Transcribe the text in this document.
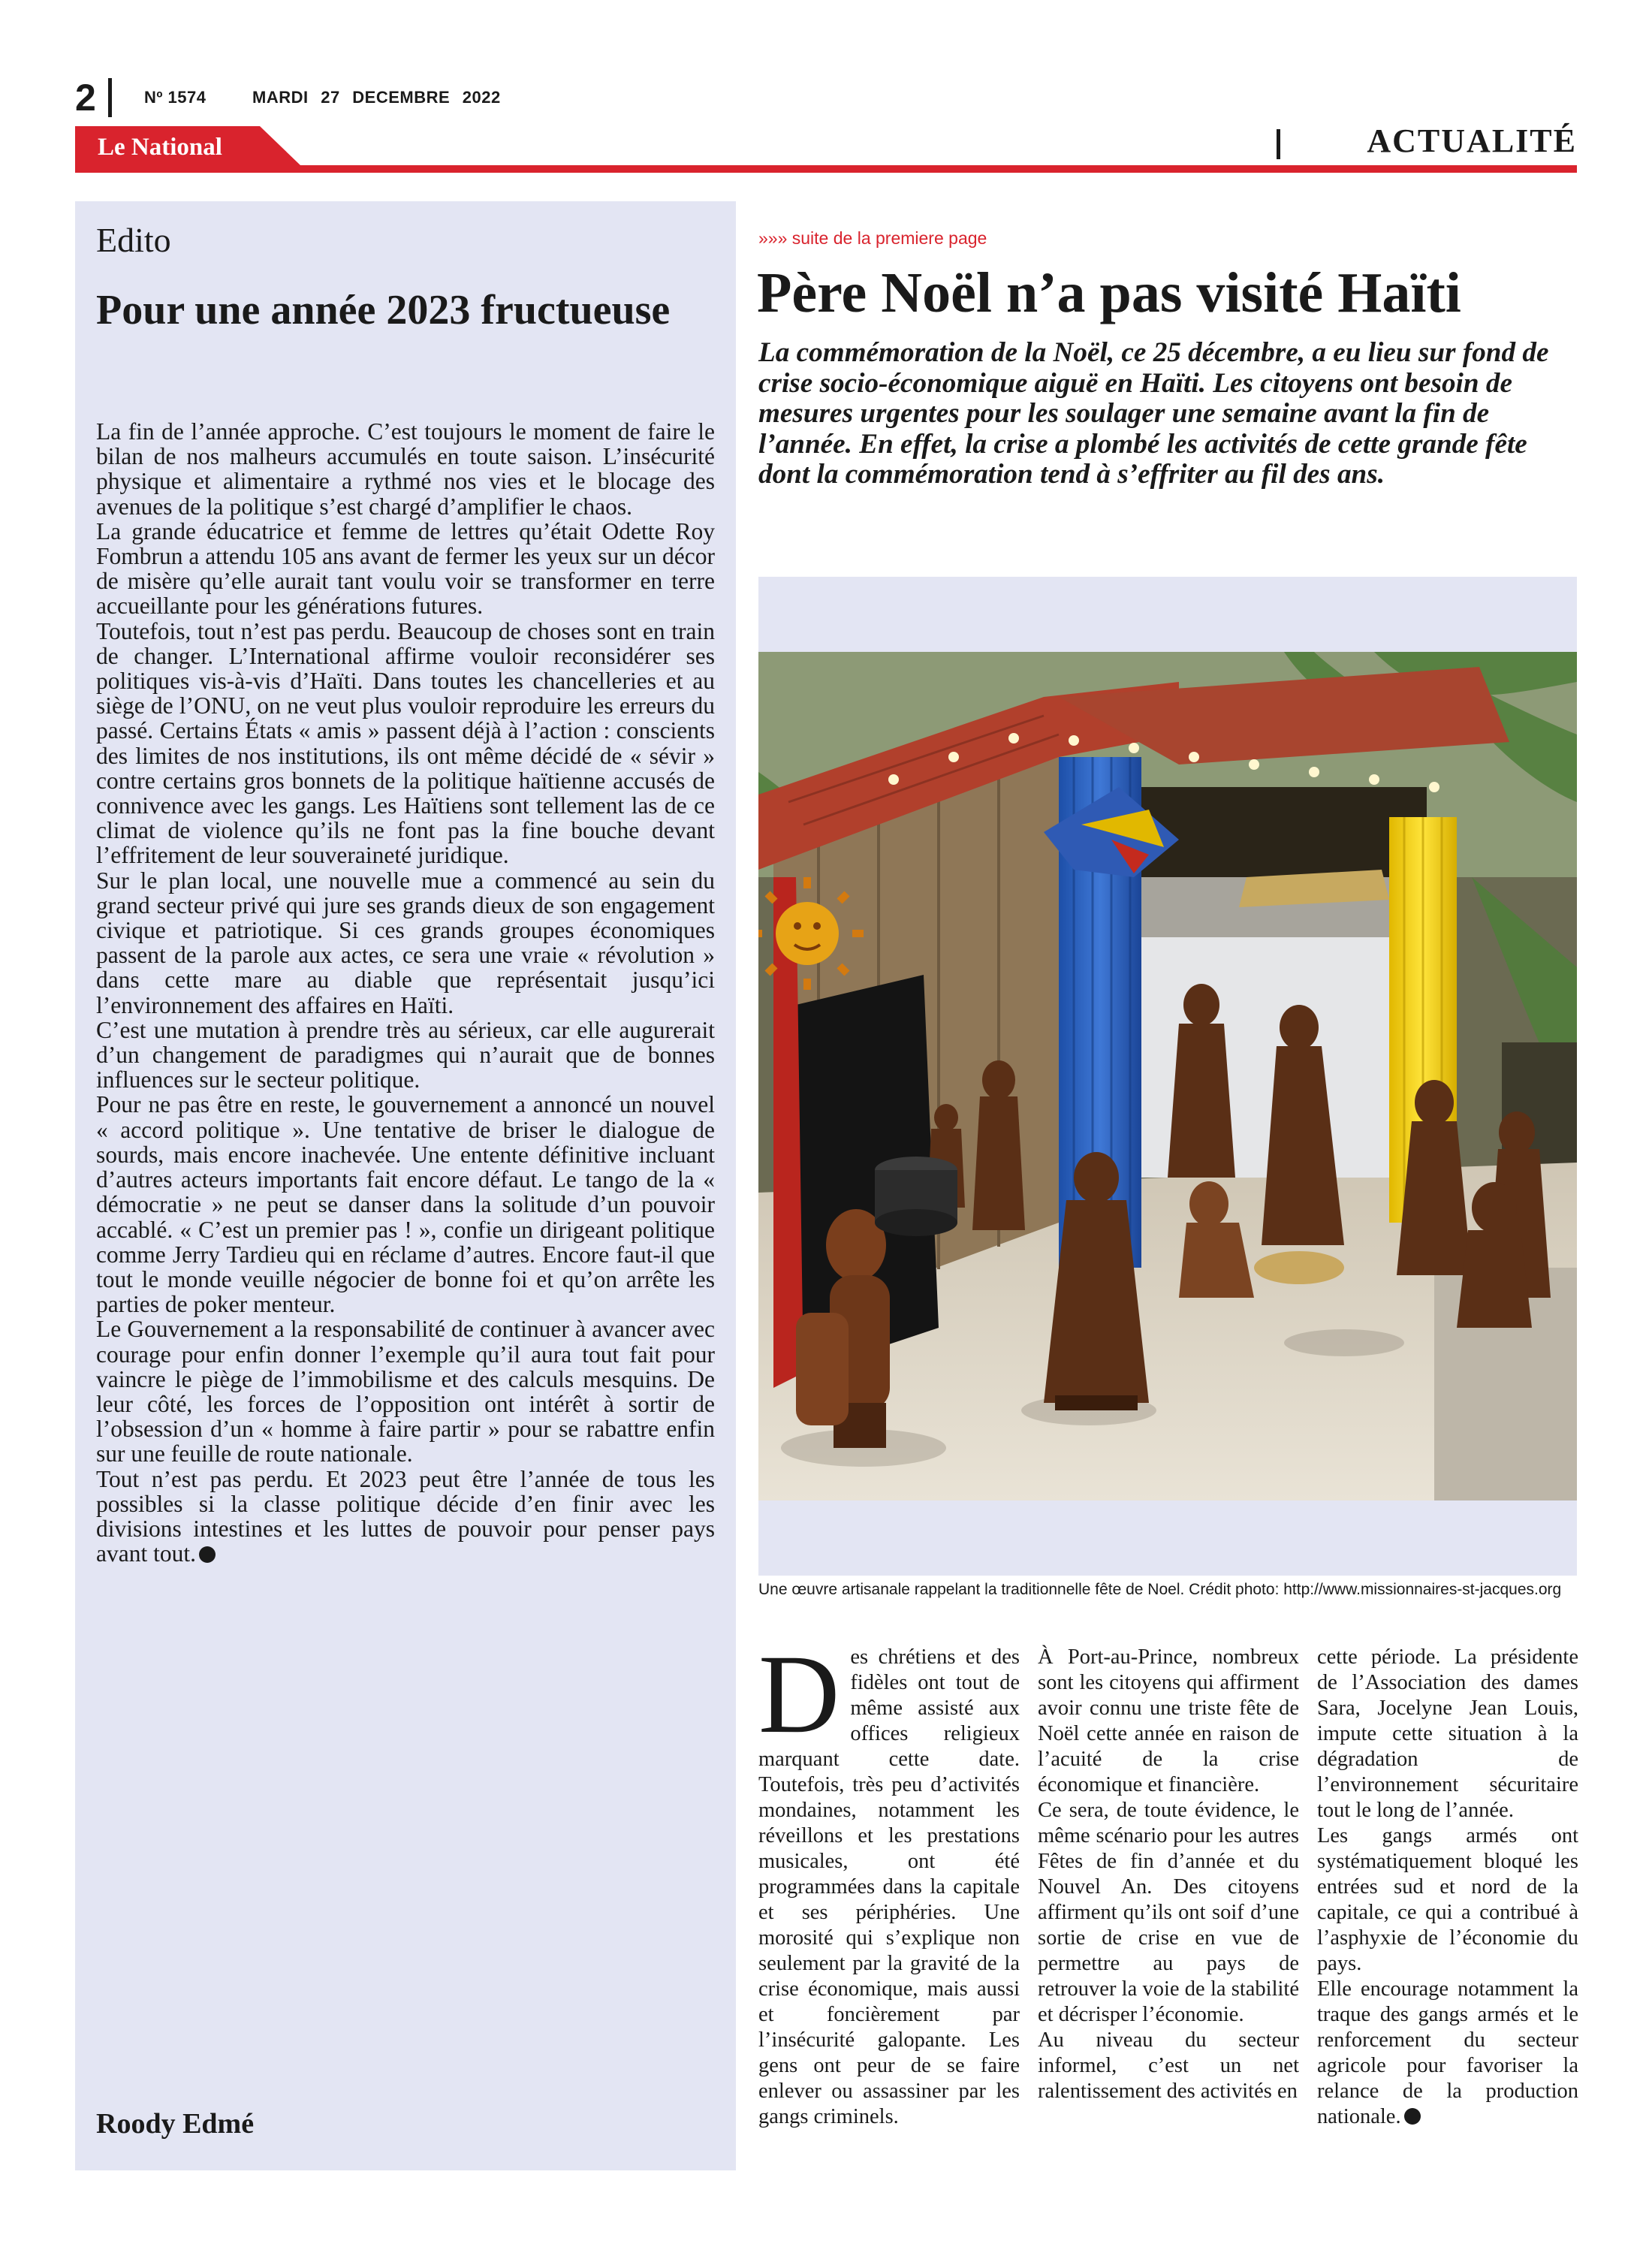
2	Nº 1574	MARDI 27 DECEMBRE 2022
Le National	ACTUALITÉ
Edito
Pour une année 2023 fructueuse

La fin de l’année approche. C’est toujours le moment de faire le bilan de nos malheurs accumulés en toute saison. L’insécurité physique et alimentaire a rythmé nos vies et le blocage des avenues de la politique s’est chargé d’amplifier le chaos.

La grande éducatrice et femme de lettres qu’était Odette Roy Fombrun a attendu 105 ans avant de fermer les yeux sur un décor de misère qu’elle aurait tant voulu voir se transformer en terre accueillante pour les générations futures.

Toutefois, tout n’est pas perdu. Beaucoup de choses sont en train de changer. L’International affirme vouloir reconsidérer ses politiques vis-à-vis d’Haïti. Dans toutes les chancelleries et au siège de l’ONU, on ne veut plus vouloir reproduire les erreurs du passé. Certains États « amis » passent déjà à l’action : conscients des limites de nos institutions, ils ont même décidé de « sévir » contre certains gros bonnets de la politique haïtienne accusés de connivence avec les gangs. Les Haïtiens sont tellement las de ce climat de violence qu’ils ne font pas la fine bouche devant l’effritement de leur souveraineté juridique.

Sur le plan local, une nouvelle mue a commencé au sein du grand secteur privé qui jure ses grands dieux de son engagement civique et patriotique. Si ces grands groupes économiques passent de la parole aux actes, ce sera une vraie « révolution » dans cette mare au diable que représentait jusqu’ici l’environnement des affaires en Haïti.

C’est une mutation à prendre très au sérieux, car elle augurerait d’un changement de paradigmes qui n’aurait que de bonnes influences sur le secteur politique.

Pour ne pas être en reste, le gouvernement a annoncé un nouvel « accord politique ». Une tentative de briser le dialogue de sourds, mais encore inachevée. Une entente définitive incluant d’autres acteurs importants fait encore défaut. Le tango de la « démocratie » ne peut se danser dans la solitude d’un pouvoir accablé. « C’est un premier pas ! », confie un dirigeant politique comme Jerry Tardieu qui en réclame d’autres. Encore faut-il que tout le monde veuille négocier de bonne foi et qu’on arrête les parties de poker menteur.

Le Gouvernement a la responsabilité de continuer à avancer avec courage pour enfin donner l’exemple qu’il aura tout fait pour vaincre le piège de l’immobilisme et des calculs mesquins. De leur côté, les forces de l’opposition ont intérêt à sortir de l’obsession d’un « homme à faire partir » pour se rabattre enfin sur une feuille de route nationale.

Tout n’est pas perdu. Et 2023 peut être l’année de tous les possibles si la classe politique décide d’en finir avec les divisions intestines et les luttes de pouvoir pour penser pays avant tout.

Roody Edmé
»»» suite de la premiere page
Père Noël n’a pas visité Haïti
La commémoration de la Noël, ce 25 décembre, a eu lieu sur fond de crise socio-économique aiguë en Haïti. Les citoyens ont besoin de mesures urgentes pour les soulager une semaine avant la fin de l’année. En effet, la crise a plombé les activités de cette grande fête dont la commémoration tend à s’effriter au fil des ans.
Une œuvre artisanale rappelant la traditionnelle fête de Noel. Crédit photo: http://www.missionnaires-st-jacques.org

Des chrétiens et des fidèles ont tout de même assisté aux offices religieux marquant cette date. Toutefois, très peu d’activités mondaines, notamment les réveillons et les prestations musicales, ont été programmées dans la capitale et ses périphéries. Une morosité qui s’explique non seulement par la gravité de la crise économique, mais aussi et foncièrement par l’insécurité galopante. Les gens ont peur de se faire enlever ou assassiner par les gangs criminels.

À Port-au-Prince, nombreux sont les citoyens qui affirment avoir connu une triste fête de Noël cette année en raison de l’acuité de la crise économique et financière.

Ce sera, de toute évidence, le même scénario pour les autres Fêtes de fin d’année et du Nouvel An. Des citoyens affirment qu’ils ont soif d’une sortie de crise en vue de permettre au pays de retrouver la voie de la stabilité et décrisper l’économie.

Au niveau du secteur informel, c’est un net ralentissement des activités en

cette période. La présidente de l’Association des dames Sara, Jocelyne Jean Louis, impute cette situation à la dégradation de l’environnement sécuritaire tout le long de l’année.

Les gangs armés ont systématiquement bloqué les entrées sud et nord de la capitale, ce qui a contribué à l’asphyxie de l’économie du pays.

Elle encourage notamment la traque des gangs armés et le renforcement du secteur agricole pour favoriser la relance de la production nationale.
